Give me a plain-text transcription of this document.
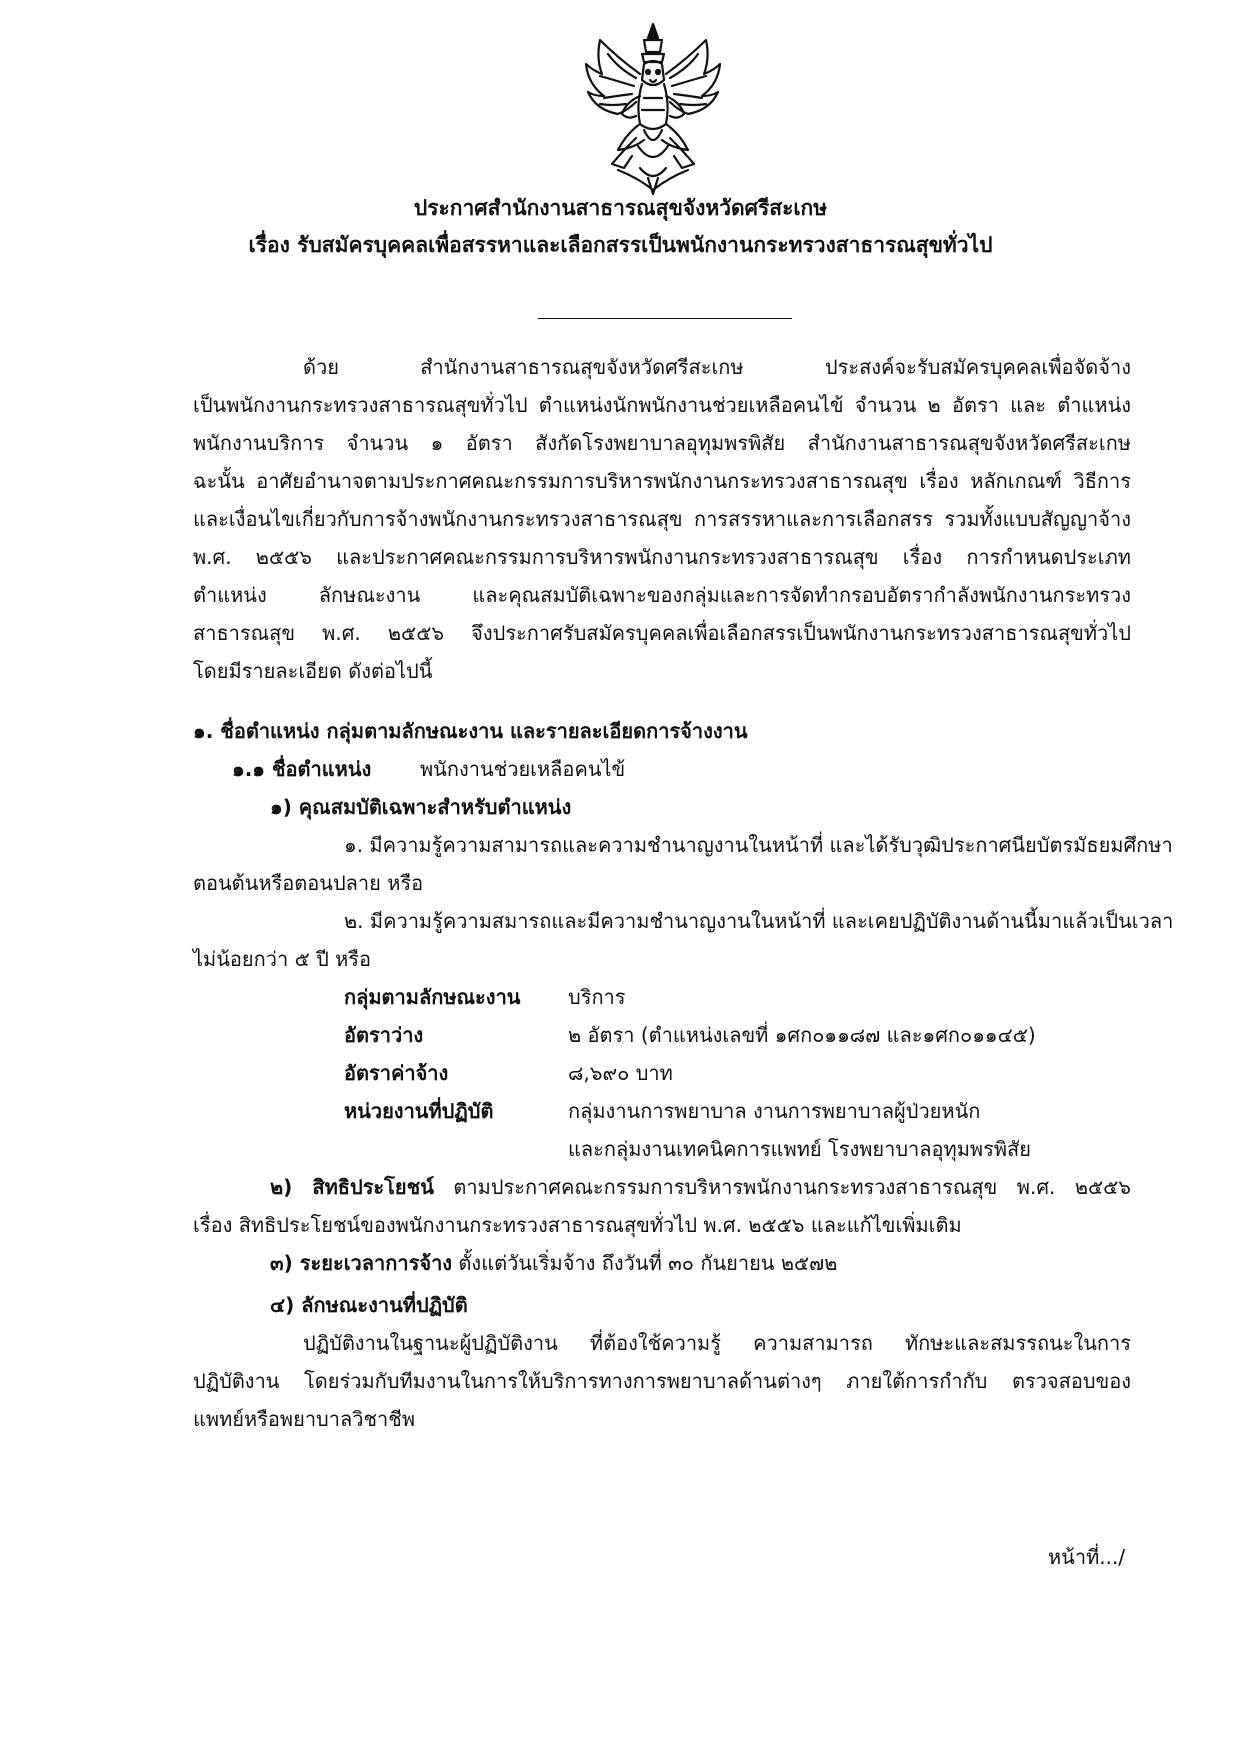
ประกาศสำนักงานสาธารณสุขจังหวัดศรีสะเกษ
เรื่อง รับสมัครบุคคลเพื่อสรรหาและเลือกสรรเป็นพนักงานกระทรวงสาธารณสุขทั่วไป
ด้วย สำนักงานสาธารณสุขจังหวัดศรีสะเกษ ประสงค์จะรับสมัครบุคคลเพื่อจัดจ้าง
เป็นพนักงานกระทรวงสาธารณสุขทั่วไป ตำแหน่งนักพนักงานช่วยเหลือคนไข้ จำนวน ๒ อัตรา และ ตำแหน่ง
พนักงานบริการ จำนวน ๑ อัตรา สังกัดโรงพยาบาลอุทุมพรพิสัย สำนักงานสาธารณสุขจังหวัดศรีสะเกษ
ฉะนั้น อาศัยอำนาจตามประกาศคณะกรรมการบริหารพนักงานกระทรวงสาธารณสุข เรื่อง หลักเกณฑ์ วิธีการ
และเงื่อนไขเกี่ยวกับการจ้างพนักงานกระทรวงสาธารณสุข การสรรหาและการเลือกสรร รวมทั้งแบบสัญญาจ้าง
พ.ศ. ๒๕๕๖ และประกาศคณะกรรมการบริหารพนักงานกระทรวงสาธารณสุข เรื่อง การกำหนดประเภท
ตำแหน่ง ลักษณะงาน และคุณสมบัติเฉพาะของกลุ่มและการจัดทำกรอบอัตรากำลังพนักงานกระทรวง
สาธารณสุข พ.ศ. ๒๕๕๖ จึงประกาศรับสมัครบุคคลเพื่อเลือกสรรเป็นพนักงานกระทรวงสาธารณสุขทั่วไป
โดยมีรายละเอียด ดังต่อไปนี้
๑. ชื่อตำแหน่ง กลุ่มตามลักษณะงาน และรายละเอียดการจ้างงาน
๑.๑ ชื่อตำแหน่ง พนักงานช่วยเหลือคนไข้
๑) คุณสมบัติเฉพาะสำหรับตำแหน่ง
๑. มีความรู้ความสามารถและความชำนาญงานในหน้าที่ และได้รับวุฒิประกาศนียบัตรมัธยมศึกษา
ตอนต้นหรือตอนปลาย หรือ
๒. มีความรู้ความสมารถและมีความชำนาญงานในหน้าที่ และเคยปฏิบัติงานด้านนี้มาแล้วเป็นเวลา
ไม่น้อยกว่า ๕ ปี หรือ
กลุ่มตามลักษณะงาน บริการ
อัตราว่าง	๒ อัตรา (ตำแหน่งเลขที่ ๑ศก๐๑๑๘๗ และ๑ศก๐๑๑๔๕)
อัตราค่าจ้าง	๘,๖๙๐ บาท
หน่วยงานที่ปฏิบัติ	กลุ่มงานการพยาบาล งานการพยาบาลผู้ป่วยหนัก
และกลุ่มงานเทคนิคการแพทย์ โรงพยาบาลอุทุมพรพิสัย
๒) สิทธิประโยชน์ ตามประกาศคณะกรรมการบริหารพนักงานกระทรวงสาธารณสุข พ.ศ. ๒๕๕๖
เรื่อง สิทธิประโยชน์ของพนักงานกระทรวงสาธารณสุขทั่วไป พ.ศ. ๒๕๕๖ และแก้ไขเพิ่มเติม
๓) ระยะเวลาการจ้าง ตั้งแต่วันเริ่มจ้าง ถึงวันที่ ๓๐ กันยายน ๒๕๗๒
๔) ลักษณะงานที่ปฏิบัติ
ปฏิบัติงานในฐานะผู้ปฏิบัติงาน ที่ต้องใช้ความรู้ ความสามารถ ทักษะและสมรรถนะในการ
ปฏิบัติงาน โดยร่วมกับทีมงานในการให้บริการทางการพยาบาลด้านต่างๆ ภายใต้การกำกับ ตรวจสอบของ
แพทย์หรือพยาบาลวิชาชีพ
หน้าที่.../
